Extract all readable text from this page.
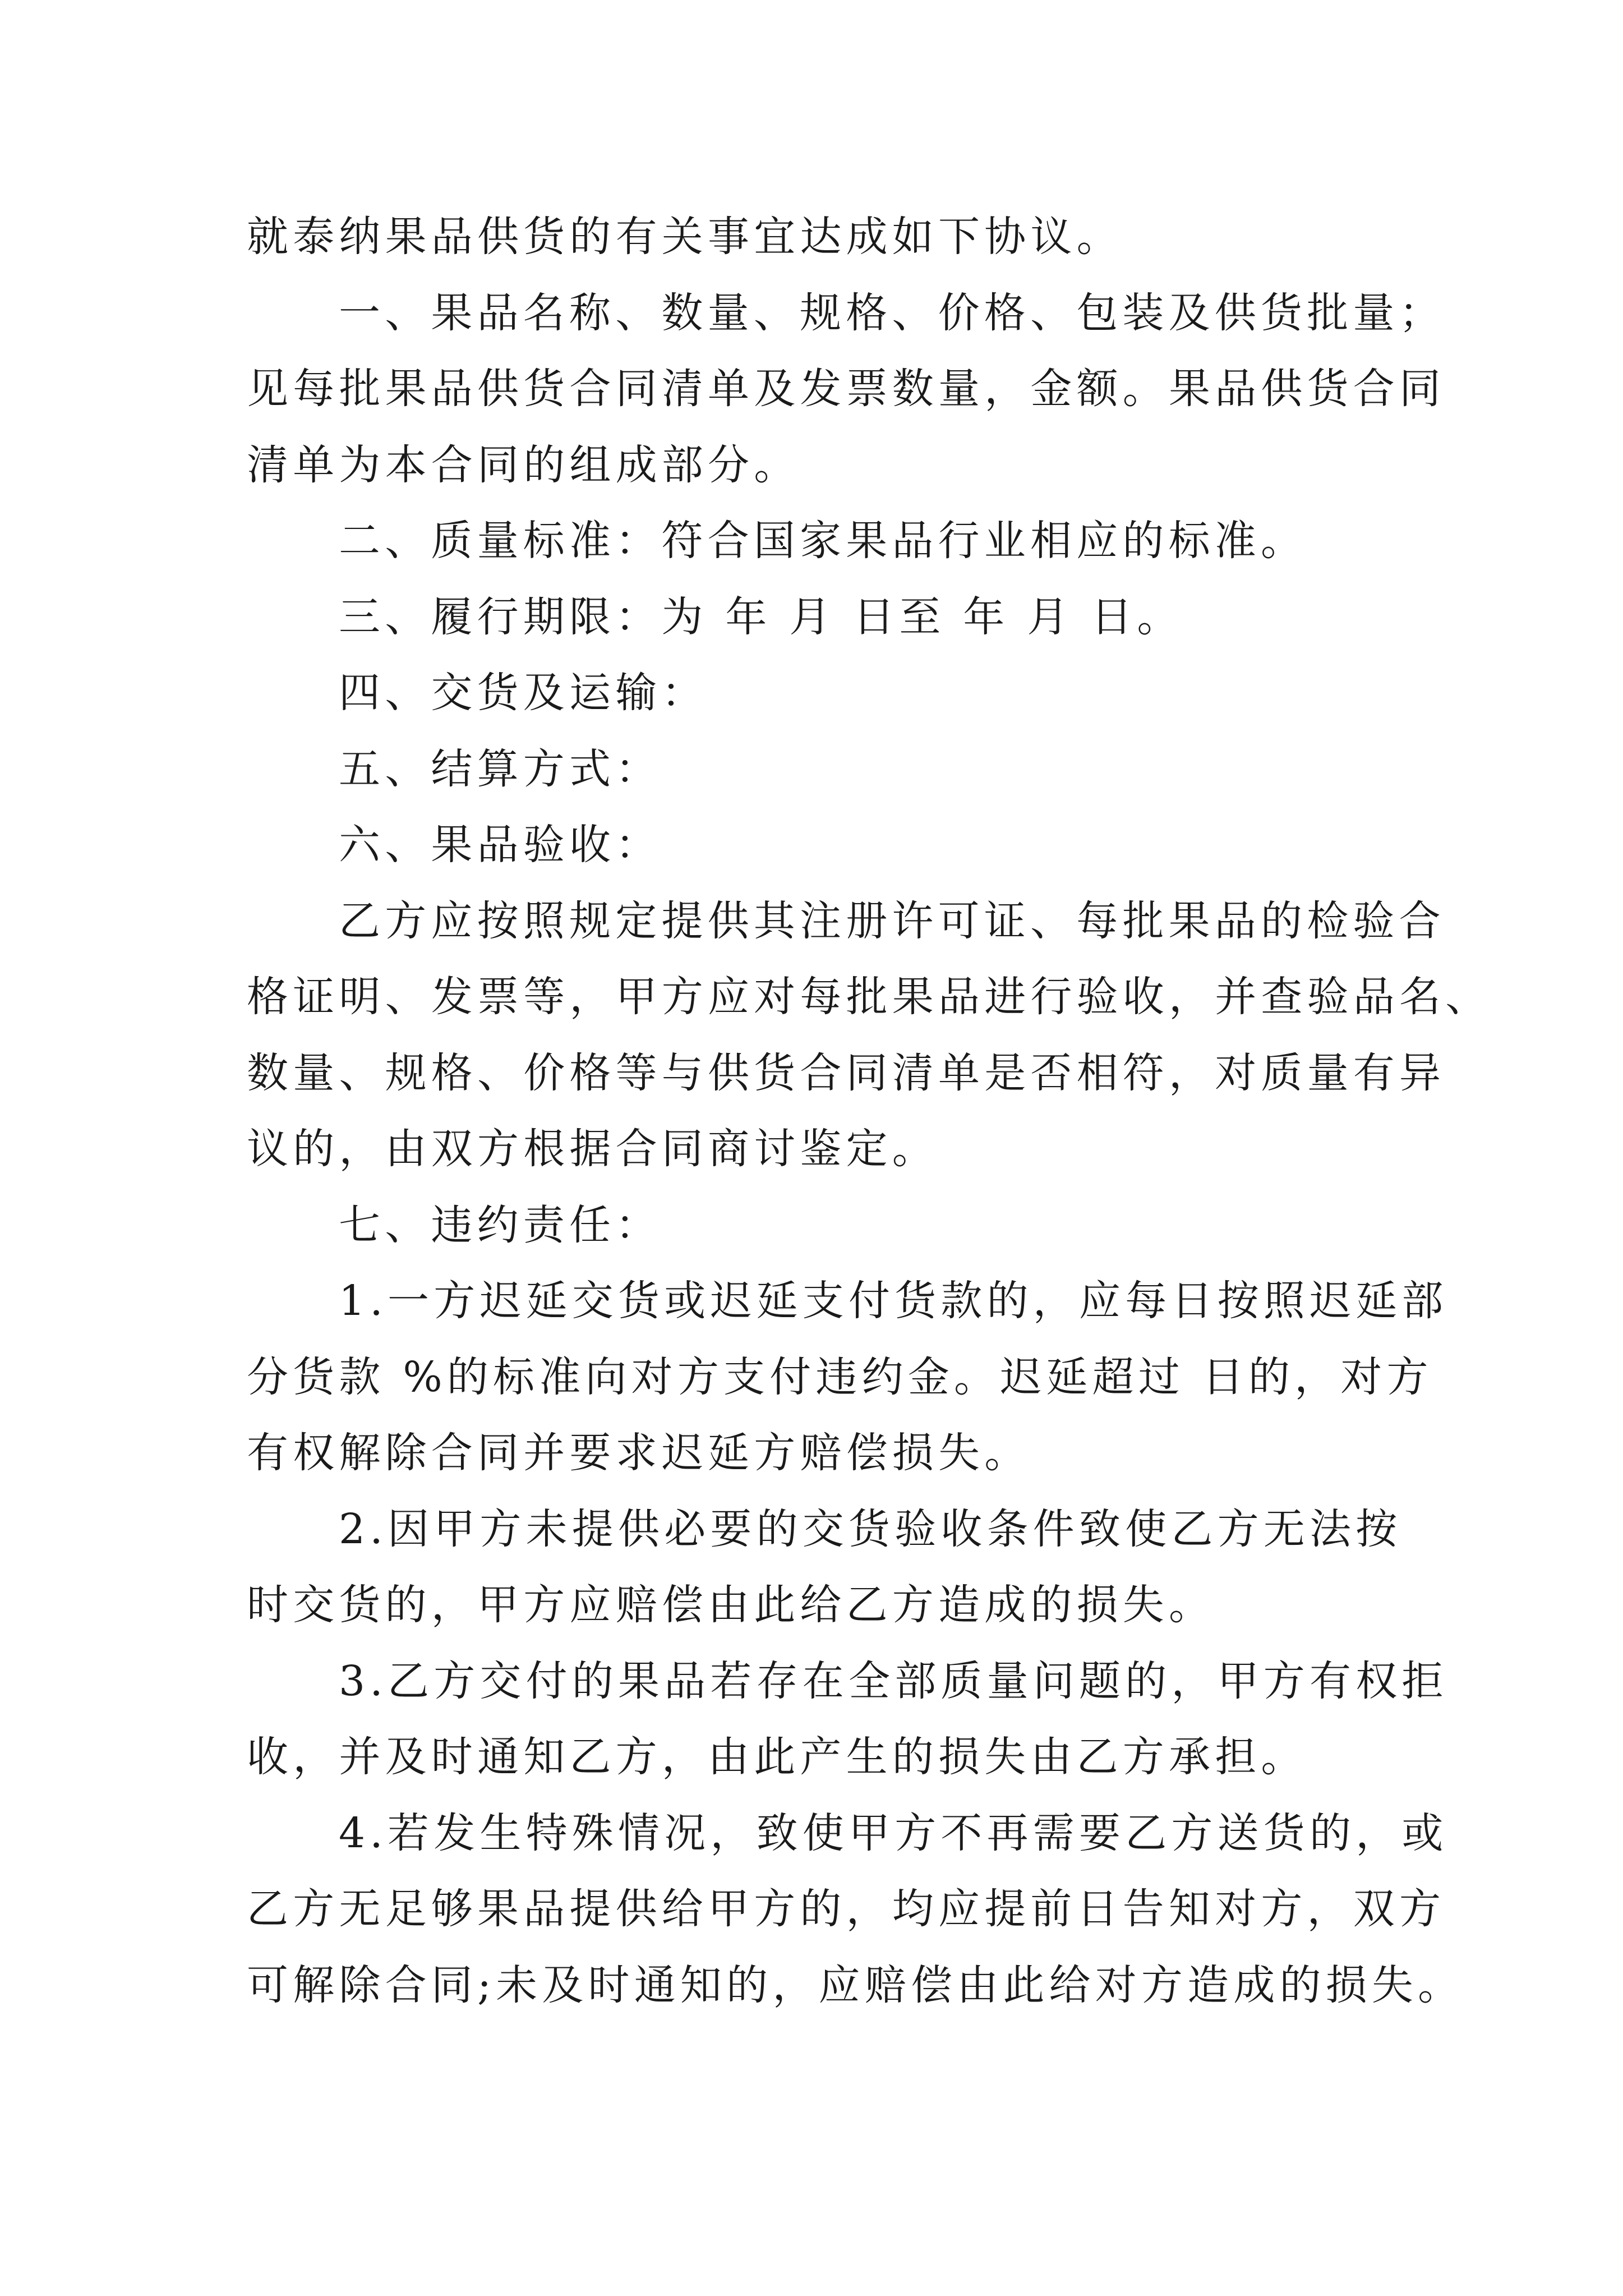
就泰纳果品供货的有关事宜达成如下协议。

一、果品名称、数量、规格、价格、包装及供货批量；
见每批果品供货合同清单及发票数量，金额。果品供货合同
清单为本合同的组成部分。

二、质量标准：符合国家果品行业相应的标准。

三、履行期限：为 年 月 日至 年 月 日。

四、交货及运输：

五、结算方式：

六、果品验收：

乙方应按照规定提供其注册许可证、每批果品的检验合
格证明、发票等，甲方应对每批果品进行验收，并查验品名、
数量、规格、价格等与供货合同清单是否相符，对质量有异
议的，由双方根据合同商讨鉴定。

七、违约责任：

1.一方迟延交货或迟延支付货款的，应每日按照迟延部
分货款 %的标准向对方支付违约金。迟延超过 日的，对方
有权解除合同并要求迟延方赔偿损失。

2.因甲方未提供必要的交货验收条件致使乙方无法按
时交货的，甲方应赔偿由此给乙方造成的损失。

3.乙方交付的果品若存在全部质量问题的，甲方有权拒
收，并及时通知乙方，由此产生的损失由乙方承担。

4.若发生特殊情况，致使甲方不再需要乙方送货的，或
乙方无足够果品提供给甲方的，均应提前日告知对方，双方
可解除合同;未及时通知的，应赔偿由此给对方造成的损失。
